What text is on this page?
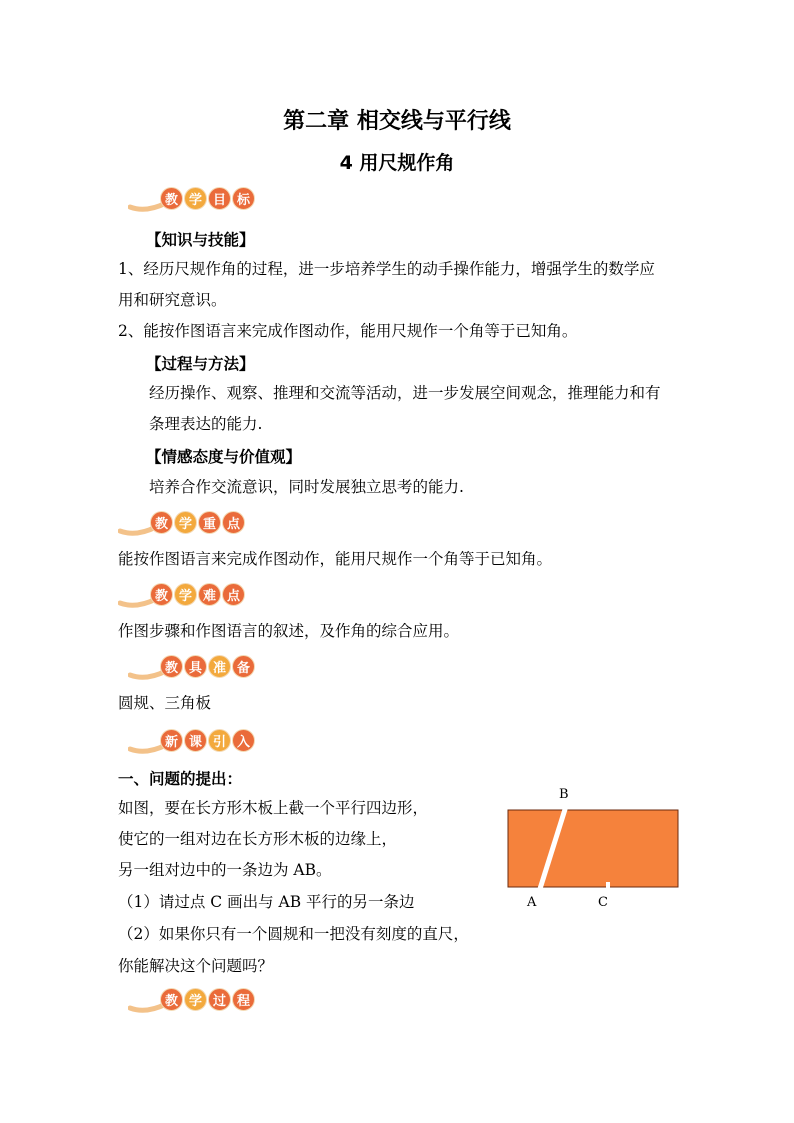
第二章 相交线与平行线
4 用尺规作角
教 学 目 标
【知识与技能】
1、经历尺规作角的过程，进一步培养学生的动手操作能力，增强学生的数学应
用和研究意识。
2、能按作图语言来完成作图动作，能用尺规作一个角等于已知角。
【过程与方法】
经历操作、观察、推理和交流等活动，进一步发展空间观念，推理能力和有
条理表达的能力.
【情感态度与价值观】
培养合作交流意识，同时发展独立思考的能力.
教 学 重 点
能按作图语言来完成作图动作，能用尺规作一个角等于已知角。
教 学 难 点
作图步骤和作图语言的叙述，及作角的综合应用。
教 具 准 备
圆规、三角板
新 课 引 入
一、问题的提出：
如图，要在长方形木板上截一个平行四边形，
使它的一组对边在长方形木板的边缘上，
另一组对边中的一条边为 AB。
（1）请过点 C 画出与 AB 平行的另一条边
（2）如果你只有一个圆规和一把没有刻度的直尺，
你能解决这个问题吗？
B
A	C
教 学 过 程
